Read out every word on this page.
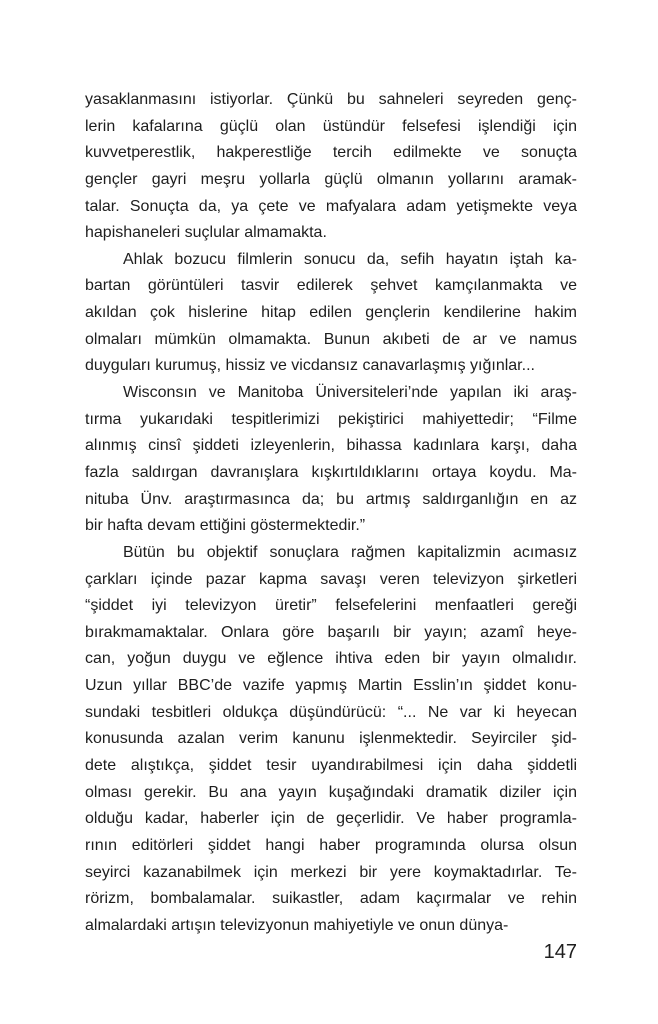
yasaklanmasını istiyorlar. Çünkü bu sahneleri seyreden genç-
lerin kafalarına güçlü olan üstündür felsefesi işlendiği için
kuvvetperestlik, hakperestliğe tercih edilmekte ve sonuçta
gençler gayri meşru yollarla güçlü olmanın yollarını aramak-
talar. Sonuçta da, ya çete ve mafyalara adam yetişmekte veya
hapishaneleri suçlular almamakta.
Ahlak bozucu filmlerin sonucu da, sefih hayatın iştah ka-
bartan görüntüleri tasvir edilerek şehvet kamçılanmakta ve
akıldan çok hislerine hitap edilen gençlerin kendilerine hakim
olmaları mümkün olmamakta. Bunun akıbeti de ar ve namus
duyguları kurumuş, hissiz ve vicdansız canavarlaşmış yığınlar...
Wisconsın ve Manitoba Üniversiteleri’nde yapılan iki araş-
tırma yukarıdaki tespitlerimizi pekiştirici mahiyettedir; “Filme
alınmış cinsî şiddeti izleyenlerin, bihassa kadınlara karşı, daha
fazla saldırgan davranışlara kışkırtıldıklarını ortaya koydu. Ma-
nituba Ünv. araştırmasınca da; bu artmış saldırganlığın en az
bir hafta devam ettiğini göstermektedir.”
Bütün bu objektif sonuçlara rağmen kapitalizmin acımasız
çarkları içinde pazar kapma savaşı veren televizyon şirketleri
“şiddet iyi televizyon üretir” felsefelerini menfaatleri gereği
bırakmamaktalar. Onlara göre başarılı bir yayın; azamî heye-
can, yoğun duygu ve eğlence ihtiva eden bir yayın olmalıdır.
Uzun yıllar BBC’de vazife yapmış Martin Esslin’ın şiddet konu-
sundaki tesbitleri oldukça düşündürücü: “... Ne var ki heyecan
konusunda azalan verim kanunu işlenmektedir. Seyirciler şid-
dete alıştıkça, şiddet tesir uyandırabilmesi için daha şiddetli
olması gerekir. Bu ana yayın kuşağındaki dramatik diziler için
olduğu kadar, haberler için de geçerlidir. Ve haber programla-
rının editörleri şiddet hangi haber programında olursa olsun
seyirci kazanabilmek için merkezi bir yere koymaktadırlar. Te-
rörizm, bombalamalar. suikastler, adam kaçırmalar ve rehin
almalardaki artışın televizyonun mahiyetiyle ve onun dünya-
147
